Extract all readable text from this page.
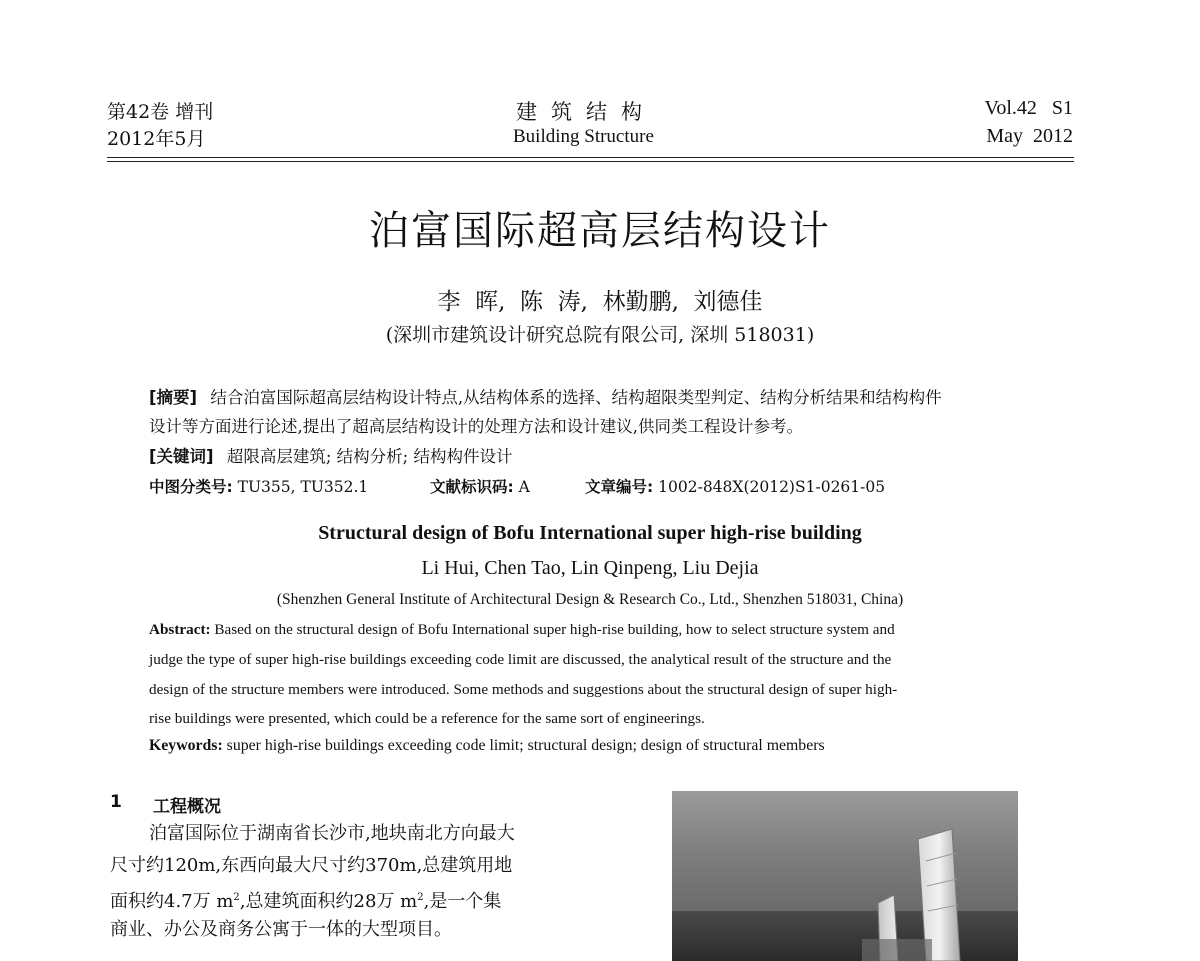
第42卷 增刊
2012年5月
建筑结构
Building Structure
Vol.42   S1
May  2012
泊富国际超高层结构设计
李  晖,  陈  涛,  林勤鹏,  刘德佳
(深圳市建筑设计研究总院有限公司, 深圳 518031)
[摘要] 结合泊富国际超高层结构设计特点,从结构体系的选择、结构超限类型判定、结构分析结果和结构构件
设计等方面进行论述,提出了超高层结构设计的处理方法和设计建议,供同类工程设计参考。
[关键词] 超限高层建筑; 结构分析; 结构构件设计
中图分类号: TU355, TU352.1	文献标识码: A	文章编号: 1002-848X(2012)S1-0261-05
Structural design of Bofu International super high-rise building
Li Hui, Chen Tao, Lin Qinpeng, Liu Dejia
(Shenzhen General Institute of Architectural Design & Research Co., Ltd., Shenzhen 518031, China)
Abstract: Based on the structural design of Bofu International super high-rise building, how to select structure system and
judge the type of super high-rise buildings exceeding code limit are discussed, the analytical result of the structure and the
design of the structure members were introduced. Some methods and suggestions about the structural design of super high-
rise buildings were presented, which could be a reference for the same sort of engineerings.
Keywords: super high-rise buildings exceeding code limit; structural design; design of structural members
1 工程概况
泊富国际位于湖南省长沙市,地块南北方向最大
尺寸约120m,东西向最大尺寸约370m,总建筑用地
面积约4.7万 $m^2$,总建筑面积约28万 $m^2$,是一个集
商业、办公及商务公寓于一体的大型项目。
